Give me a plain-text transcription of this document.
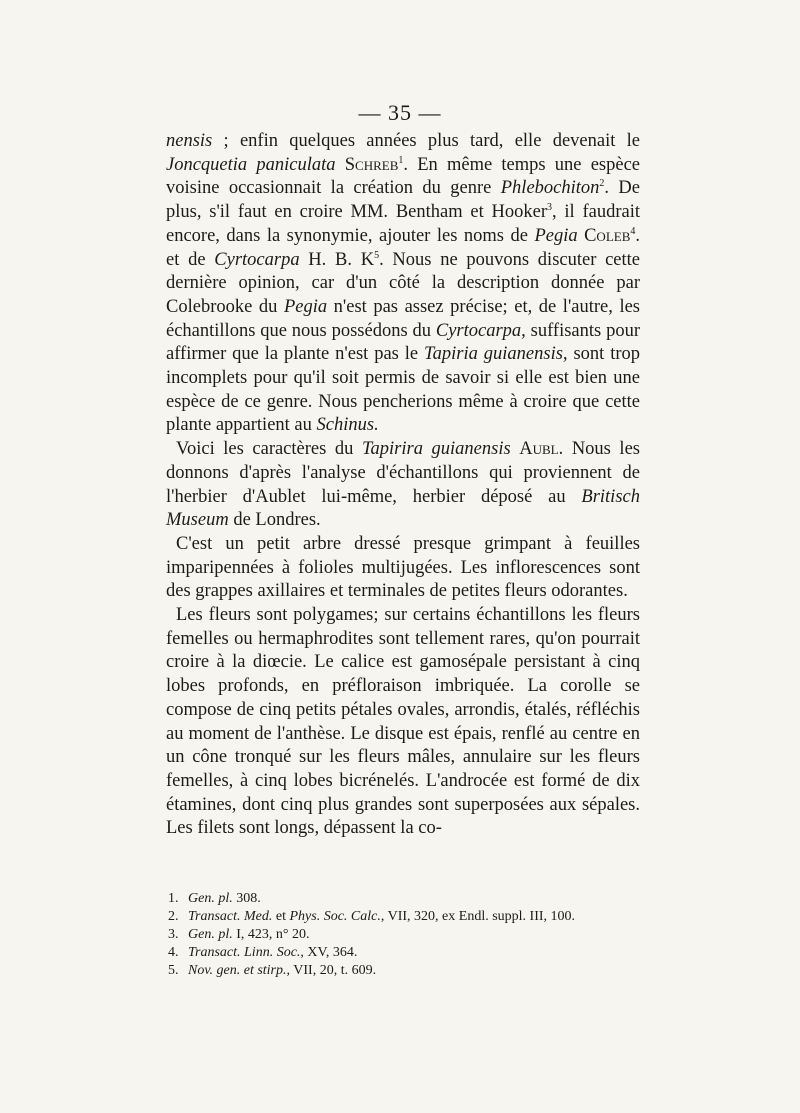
— 35 —

nensis ; enfin quelques années plus tard, elle devenait le Joncquetia paniculata Schreb$^1$. En même temps une espèce voisine occasionnait la création du genre Phlebochiton$^2$. De plus, s'il faut en croire MM. Bentham et Hooker$^3$, il faudrait encore, dans la synonymie, ajouter les noms de Pegia Coleb$^4$. et de Cyrtocarpa H. B. $K^5$. Nous ne pouvons discuter cette dernière opinion, car d'un côté la description donnée par Colebrooke du Pegia n'est pas assez précise; et, de l'autre, les échantillons que nous possédons du Cyrtocarpa, suffisants pour affirmer que la plante n'est pas le Tapiria guianensis, sont trop incomplets pour qu'il soit permis de savoir si elle est bien une espèce de ce genre. Nous pencherions même à croire que cette plante appartient au Schinus.

Voici les caractères du Tapirira guianensis Aubl. Nous les donnons d'après l'analyse d'échantillons qui proviennent de l'herbier d'Aublet lui-même, herbier déposé au Britisch Museum de Londres.

C'est un petit arbre dressé presque grimpant à feuilles imparipennées à folioles multijugées. Les inflorescences sont des grappes axillaires et terminales de petites fleurs odorantes.

Les fleurs sont polygames; sur certains échantillons les fleurs femelles ou hermaphrodites sont tellement rares, qu'on pourrait croire à la diœcie. Le calice est gamosépale persistant à cinq lobes profonds, en préfloraison imbriquée. La corolle se compose de cinq petits pétales ovales, arrondis, étalés, réfléchis au moment de l'anthèse. Le disque est épais, renflé au centre en un cône tronqué sur les fleurs mâles, annulaire sur les fleurs femelles, à cinq lobes bicrénelés. L'androcée est formé de dix étamines, dont cinq plus grandes sont superposées aux sépales. Les filets sont longs, dépassent la co-

1. Gen. pl. 308.
2. Transact. Med. et Phys. Soc. Calc., VII, 320, ex Endl. suppl. III, 100.
3. Gen. pl. I, 423, n° 20.
4. Transact. Linn. Soc., XV, 364.
5. Nov. gen. et stirp., VII, 20, t. 609.
